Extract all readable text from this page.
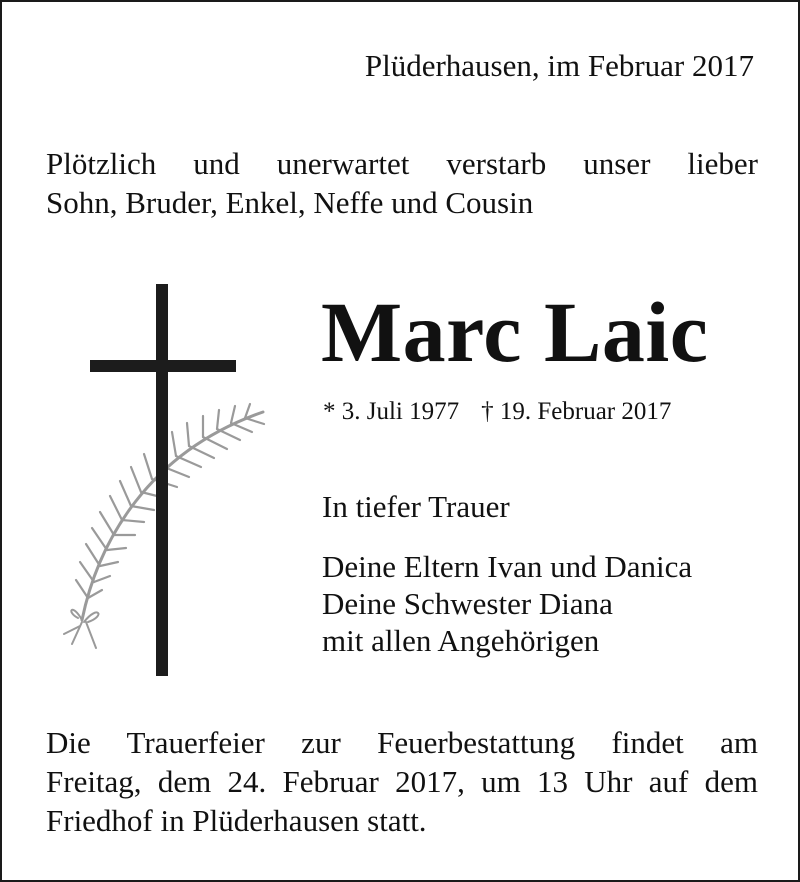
Plüderhausen, im Februar 2017
Plötzlich und unerwartet verstarb unser lieber
Sohn, Bruder, Enkel, Neffe und Cousin
Marc Laic
* 3. Juli 1977 † 19. Februar 2017
In tiefer Trauer
Deine Eltern Ivan und Danica
Deine Schwester Diana
mit allen Angehörigen
Die Trauerfeier zur Feuerbestattung findet am
Freitag, dem 24. Februar 2017, um 13 Uhr auf dem
Friedhof in Plüderhausen statt.
